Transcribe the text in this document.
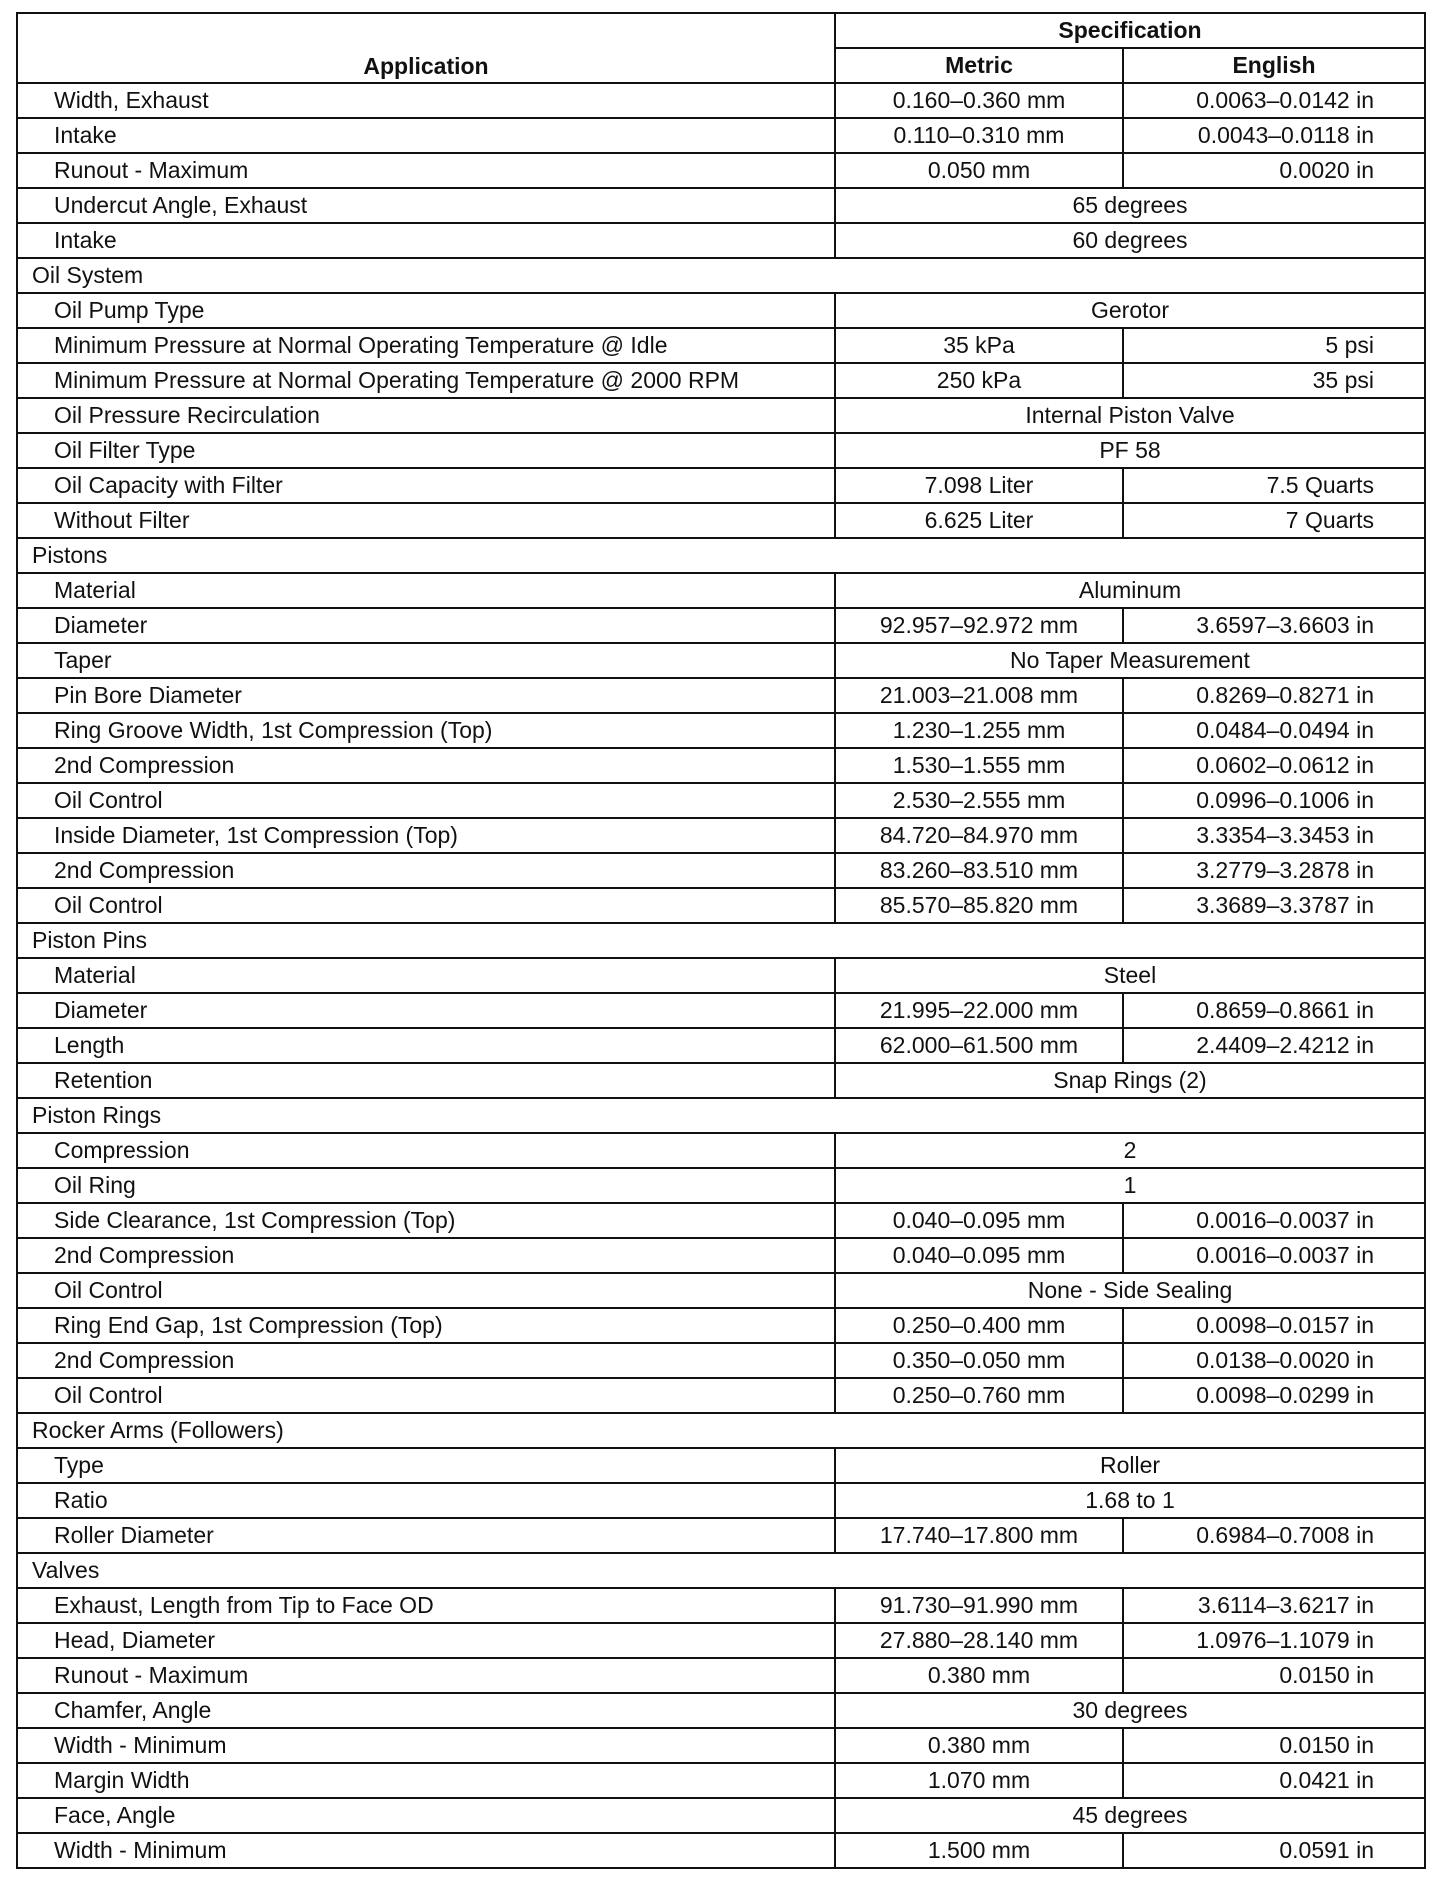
Application	Specification	
	Metric	English
Width, Exhaust	0.160–0.360 mm	0.0063–0.0142 in
Intake	0.110–0.310 mm	0.0043–0.0118 in
Runout - Maximum	0.050 mm	0.0020 in
Undercut Angle, Exhaust	65 degrees	
Intake	60 degrees	
Oil System		
Oil Pump Type	Gerotor	
Minimum Pressure at Normal Operating Temperature @ Idle	35 kPa	5 psi
Minimum Pressure at Normal Operating Temperature @ 2000 RPM	250 kPa	35 psi
Oil Pressure Recirculation	Internal Piston Valve	
Oil Filter Type	PF 58	
Oil Capacity with Filter	7.098 Liter	7.5 Quarts
Without Filter	6.625 Liter	7 Quarts
Pistons		
Material	Aluminum	
Diameter	92.957–92.972 mm	3.6597–3.6603 in
Taper	No Taper Measurement	
Pin Bore Diameter	21.003–21.008 mm	0.8269–0.8271 in
Ring Groove Width, 1st Compression (Top)	1.230–1.255 mm	0.0484–0.0494 in
2nd Compression	1.530–1.555 mm	0.0602–0.0612 in
Oil Control	2.530–2.555 mm	0.0996–0.1006 in
Inside Diameter, 1st Compression (Top)	84.720–84.970 mm	3.3354–3.3453 in
2nd Compression	83.260–83.510 mm	3.2779–3.2878 in
Oil Control	85.570–85.820 mm	3.3689–3.3787 in
Piston Pins		
Material	Steel	
Diameter	21.995–22.000 mm	0.8659–0.8661 in
Length	62.000–61.500 mm	2.4409–2.4212 in
Retention	Snap Rings (2)	
Piston Rings		
Compression	2	
Oil Ring	1	
Side Clearance, 1st Compression (Top)	0.040–0.095 mm	0.0016–0.0037 in
2nd Compression	0.040–0.095 mm	0.0016–0.0037 in
Oil Control	None - Side Sealing	
Ring End Gap, 1st Compression (Top)	0.250–0.400 mm	0.0098–0.0157 in
2nd Compression	0.350–0.050 mm	0.0138–0.0020 in
Oil Control	0.250–0.760 mm	0.0098–0.0299 in
Rocker Arms (Followers)		
Type	Roller	
Ratio	1.68 to 1	
Roller Diameter	17.740–17.800 mm	0.6984–0.7008 in
Valves		
Exhaust, Length from Tip to Face OD	91.730–91.990 mm	3.6114–3.6217 in
Head, Diameter	27.880–28.140 mm	1.0976–1.1079 in
Runout - Maximum	0.380 mm	0.0150 in
Chamfer, Angle	30 degrees	
Width - Minimum	0.380 mm	0.0150 in
Margin Width	1.070 mm	0.0421 in
Face, Angle	45 degrees	
Width - Minimum	1.500 mm	0.0591 in
